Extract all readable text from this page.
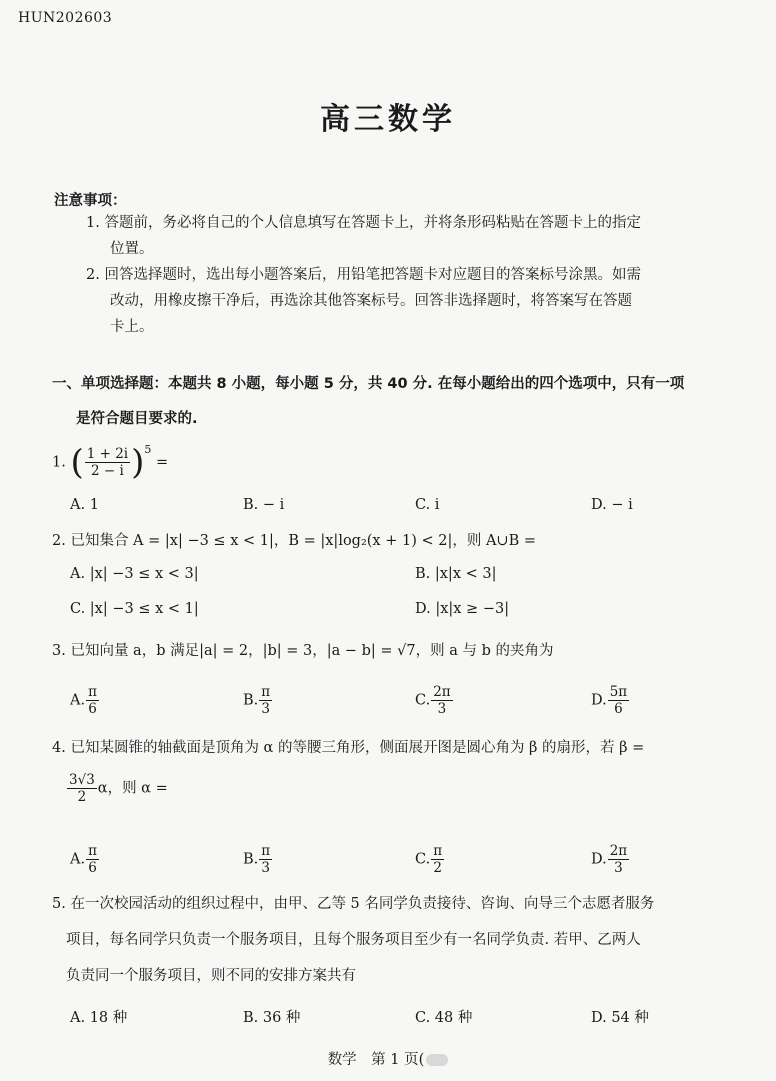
HUN202603
高三数学
注意事项：
1. 答题前，务必将自己的个人信息填写在答题卡上，并将条形码粘贴在答题卡上的指定
位置。
2. 回答选择题时，选出每小题答案后，用铅笔把答题卡对应题目的答案标号涂黑。如需
改动，用橡皮擦干净后，再选涂其他答案标号。回答非选择题时，将答案写在答题
卡上。
一、单项选择题：本题共 8 小题，每小题 5 分，共 40 分. 在每小题给出的四个选项中，只有一项
是符合题目要求的.
1. ( $\frac{1 + 2i}{2 - i} )^5$ =
A. 1	B. − i	C. i	D. − i
2. 已知集合 A = |x| −3 ≤ x < 1|，B = |x|log₂(x + 1) < 2|，则 A∪B =
A. |x| −3 ≤ x < 3|	B. |x|x < 3|
C. |x| −3 ≤ x < 1|	D. |x|x ≥ −3|
3. 已知向量 a，b 满足|a| = 2，|b| = 3，|a − b| = √7，则 a 与 b 的夹角为
A. $\frac{\pi}{6}$	B. $\frac{\pi}{3}$	C. $\frac{2\pi}{3}$	D. $\frac{5\pi}{6}$
4. 已知某圆锥的轴截面是顶角为 α 的等腰三角形，侧面展开图是圆心角为 β 的扇形，若 β =
$\frac{3√3}{2}$ α，则 α =
A. $\frac{\pi}{6}$	B. $\frac{\pi}{3}$	C. $\frac{\pi}{2}$	D. $\frac{2\pi}{3}$
5. 在一次校园活动的组织过程中，由甲、乙等 5 名同学负责接待、咨询、向导三个志愿者服务
项目，每名同学只负责一个服务项目，且每个服务项目至少有一名同学负责. 若甲、乙两人
负责同一个服务项目，则不同的安排方案共有
A. 18 种	B. 36 种	C. 48 种	D. 54 种
数学　第 1 页(
